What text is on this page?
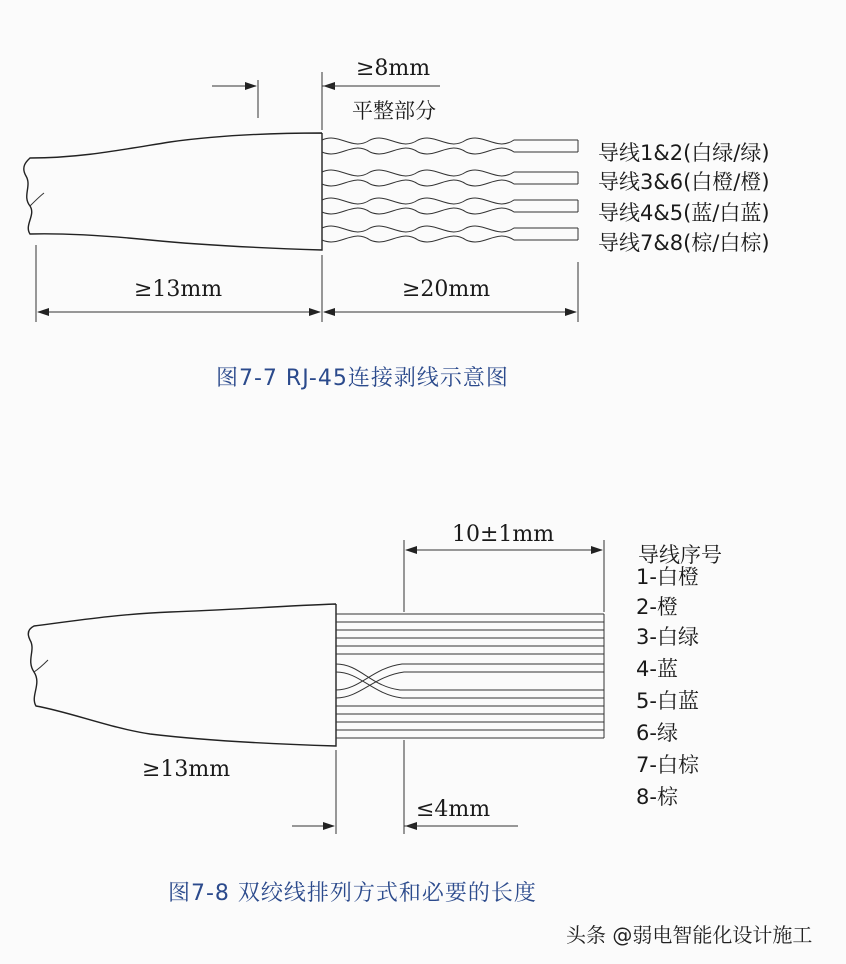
≥8mm
平整部分
≥13mm	≥20mm
导线1&2(白绿/绿)
导线3&6(白橙/橙)
导线4&5(蓝/白蓝)
导线7&8(棕/白棕)
图7-7 RJ-45连接剥线示意图
10±1mm
≤4mm
≥13mm
导线序号
1-白橙
2-橙
3-白绿
4-蓝
5-白蓝
6-绿
7-白棕
8-棕
图7-8 双绞线排列方式和必要的长度
头条 @弱电智能化设计施工
